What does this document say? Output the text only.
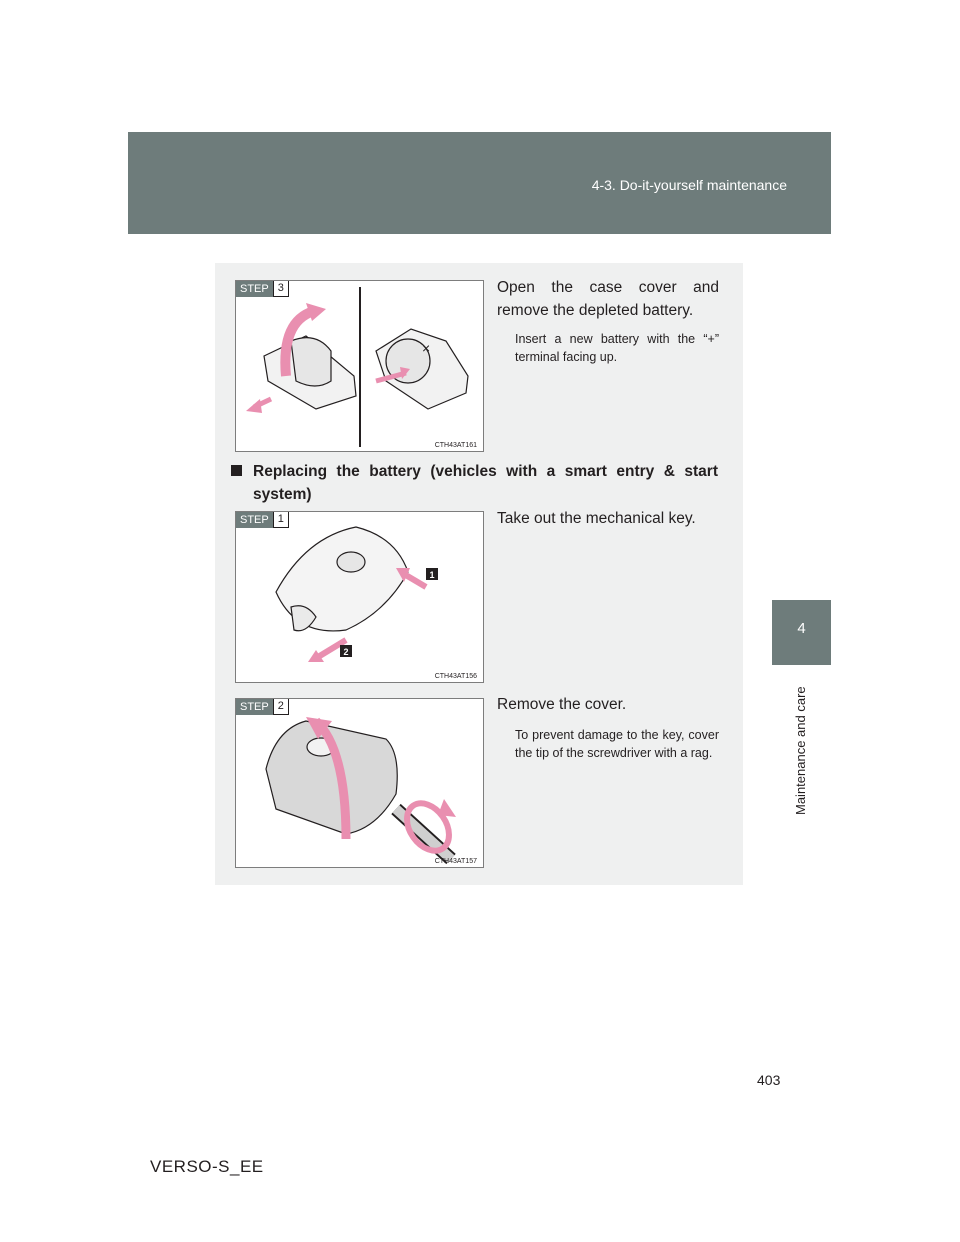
4-3. Do-it-yourself maintenance
4
Maintenance and care
STEP 3
×
CTH43AT161
Open the case cover and remove the depleted battery.
Insert a new battery with the “+” terminal facing up.
Replacing the battery (vehicles with a smart entry & start system)
STEP 1
1
2
CTH43AT156
Take out the mechanical key.
STEP 2
CTH43AT157
Remove the cover.
To prevent damage to the key, cover the tip of the screwdriver with a rag.
403
VERSO-S_EE
